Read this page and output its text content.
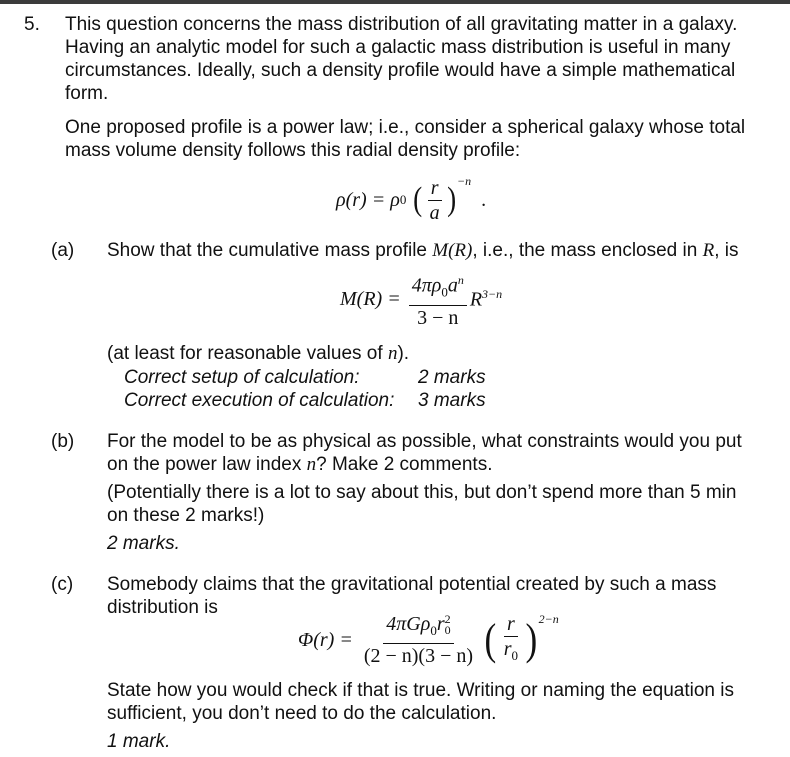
5. This question concerns the mass distribution of all gravitating matter in a galaxy.
Having an analytic model for such a galactic mass distribution is useful in many
circumstances. Ideally, such a density profile would have a simple mathematical
form.
One proposed profile is a power law; i.e., consider a spherical galaxy whose total
mass volume density follows this radial density profile:
ρ(r) = ρ 0 ( $\frac{r}{a}$ ) −n
.
(a) Show that the cumulative mass profile M(R), i.e., the mass enclosed in R, is
$M(R) = \frac{4\pi\rho_0a^n}{3 - n} R^{3-n}$
(at least for reasonable values of n).
Correct setup of calculation:	2 marks
Correct execution of calculation: 3 marks
(b) For the model to be as physical as possible, what constraints would you put
on the power law index n? Make 2 comments.
(Potentially there is a lot to say about this, but don’t spend more than 5 min
on these 2 marks!)
2 marks.
(c) Somebody claims that the gravitational potential created by such a mass
distribution is
Φ(r) = 4πGρ$_0$r 2
0
(2 − n)(3 − n) ( $\frac{r}{r_0}$ ) 2−n
State how you would check if that is true. Writing or naming the equation is
sufficient, you don’t need to do the calculation.
1 mark.
